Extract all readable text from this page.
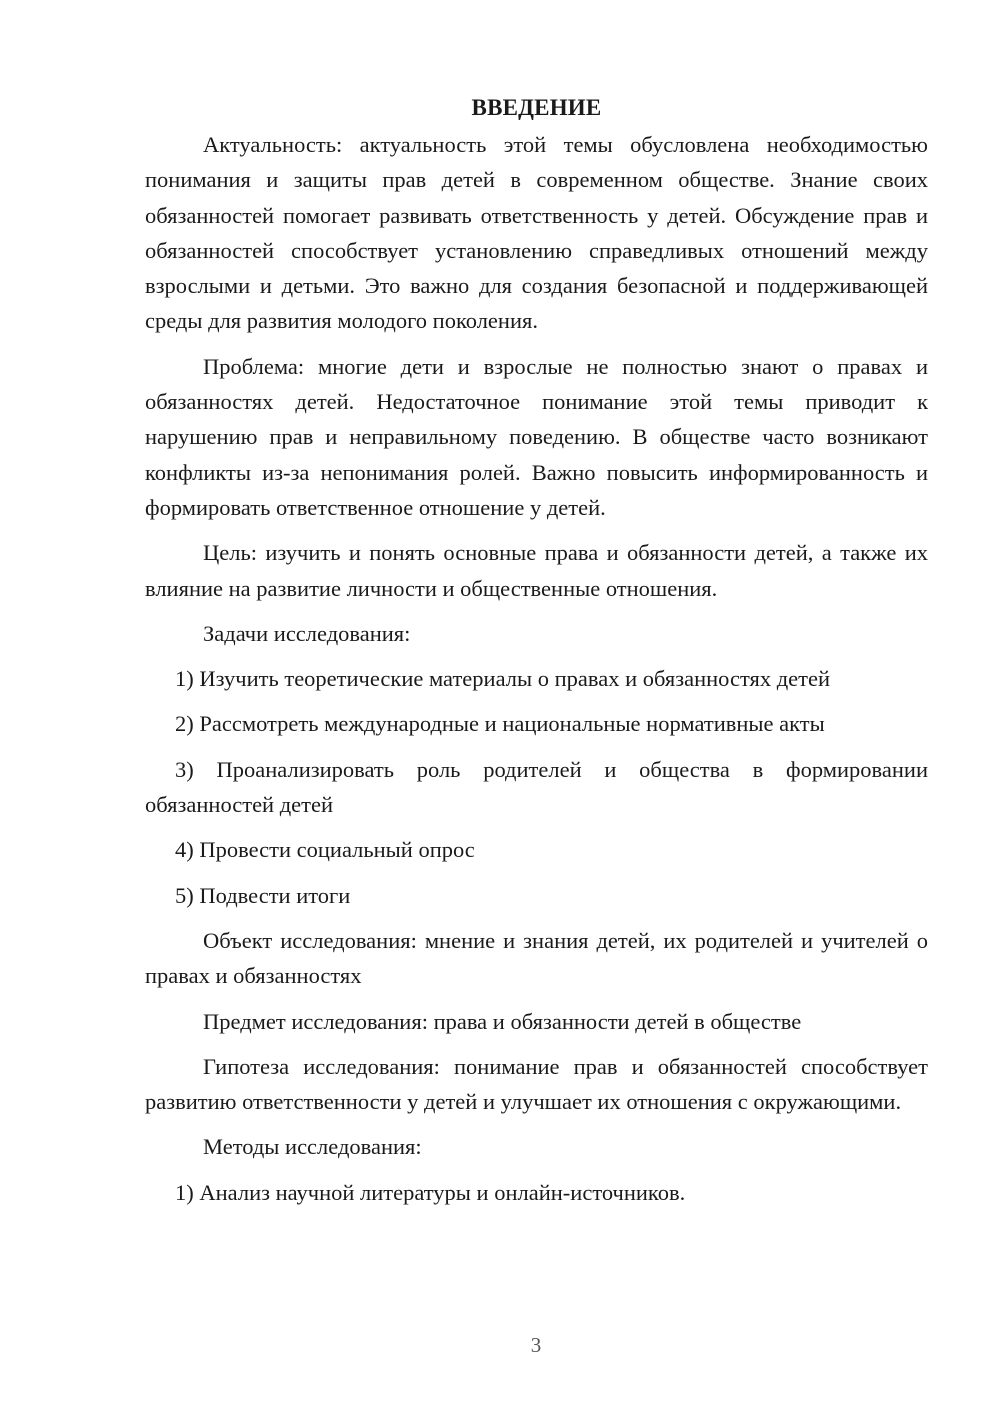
ВВЕДЕНИЕ

Актуальность: актуальность этой темы обусловлена необходимостью понимания и защиты прав детей в современном обществе. Знание своих обязанностей помогает развивать ответственность у детей. Обсуждение прав и обязанностей способствует установлению справедливых отношений между взрослыми и детьми. Это важно для создания безопасной и поддерживающей среды для развития молодого поколения.

Проблема: многие дети и взрослые не полностью знают о правах и обязанностях детей. Недостаточное понимание этой темы приводит к нарушению прав и неправильному поведению. В обществе часто возникают конфликты из-за непонимания ролей. Важно повысить информированность и формировать ответственное отношение у детей.

Цель: изучить и понять основные права и обязанности детей, а также их влияние на развитие личности и общественные отношения.

Задачи исследования:

1) Изучить теоретические материалы о правах и обязанностях детей

2) Рассмотреть международные и национальные нормативные акты

3) Проанализировать роль родителей и общества в формировании обязанностей детей

4) Провести социальный опрос

5) Подвести итоги

Объект исследования: мнение и знания детей, их родителей и учителей о правах и обязанностях

Предмет исследования: права и обязанности детей в обществе

Гипотеза исследования: понимание прав и обязанностей способствует развитию ответственности у детей и улучшает их отношения с окружающими.

Методы исследования:

1) Анализ научной литературы и онлайн-источников.

3
